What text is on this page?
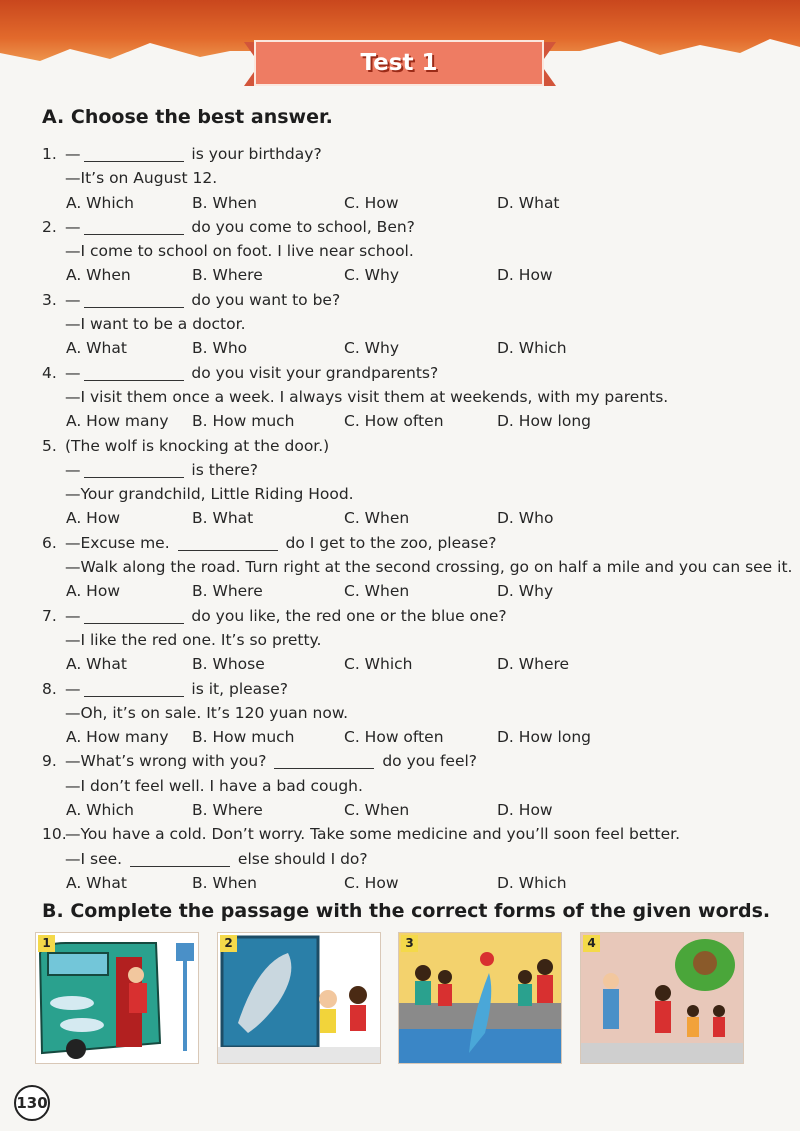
Test 1
A. Choose the best answer.
1. —	is your birthday?
—It’s on August 12.
A. Which	B. When	C. How	D. What
2. —	do you come to school, Ben?
—I come to school on foot. I live near school.
A. When	B. Where	C. Why	D. How
3. —	do you want to be?
—I want to be a doctor.
A. What	B. Who	C. Why	D. Which
4. —	do you visit your grandparents?
—I visit them once a week. I always visit them at weekends, with my parents.
A. How many B. How much	C. How often	D. How long
5. (The wolf is knocking at the door.)
—	is there?
—Your grandchild, Little Riding Hood.
A. How	B. What	C. When	D. Who
6. —Excuse me.	do I get to the zoo, please?
—Walk along the road. Turn right at the second crossing, go on half a mile and you can see it.
A. How	B. Where	C. When	D. Why
7. —	do you like, the red one or the blue one?
—I like the red one. It’s so pretty.
A. What	B. Whose	C. Which	D. Where
8. —	is it, please?
—Oh, it’s on sale. It’s 120 yuan now.
A. How many B. How much	C. How often	D. How long
9. —What’s wrong with you?	do you feel?
—I don’t feel well. I have a bad cough.
A. Which	B. Where	C. When	D. How
10.
—You have a cold. Don’t worry. Take some medicine and you’ll soon feel better.
—I see.	else should I do?
A. What	B. When	C. How	D. Which
B. Complete the passage with the correct forms of the given words.
1	2	3	4
130
